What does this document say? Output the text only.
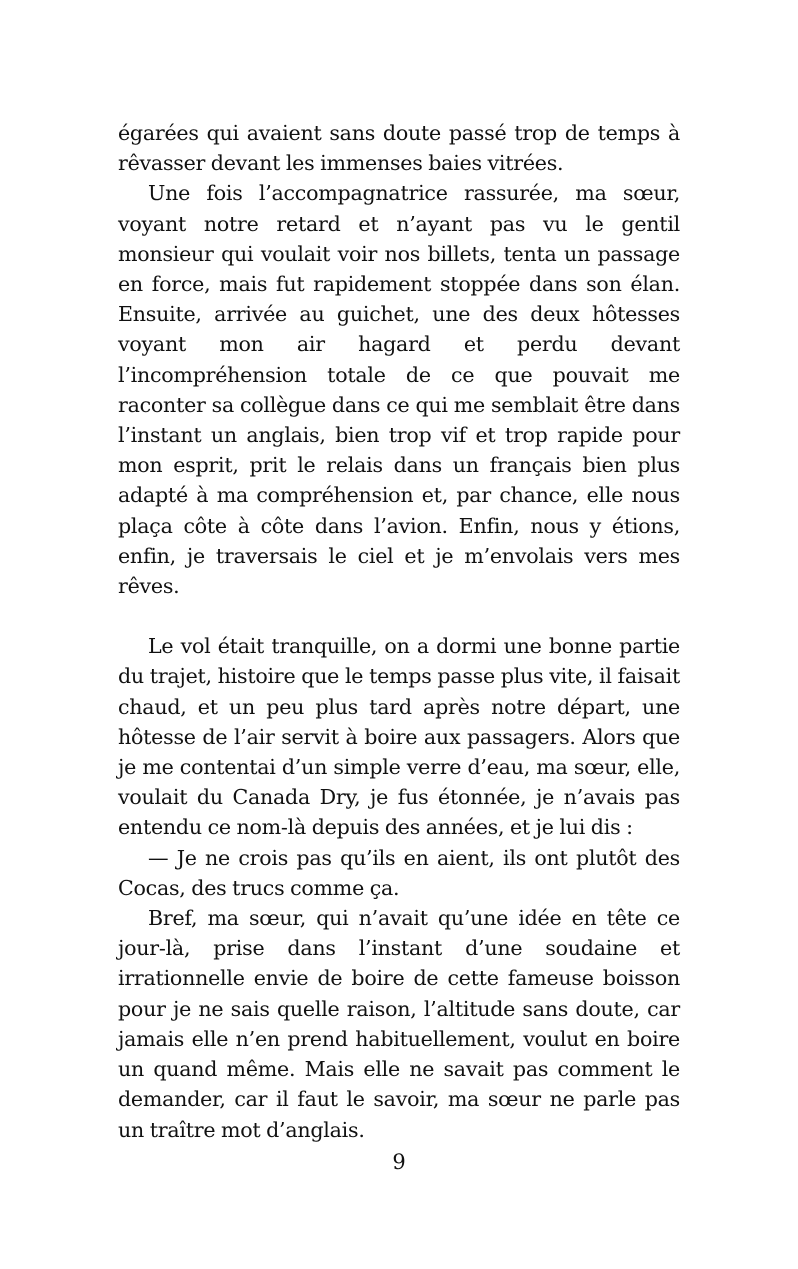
égarées qui avaient sans doute passé trop de temps à rêvasser devant les immenses baies vitrées.

Une fois l’accompagnatrice rassurée, ma sœur, voyant notre retard et n’ayant pas vu le gentil monsieur qui voulait voir nos billets, tenta un passage en force, mais fut rapidement stoppée dans son élan. Ensuite, arrivée au guichet, une des deux hôtesses voyant mon air hagard et perdu devant l’incompréhension totale de ce que pouvait me raconter sa collègue dans ce qui me semblait être dans l’instant un anglais, bien trop vif et trop rapide pour mon esprit, prit le relais dans un français bien plus adapté à ma compréhension et, par chance, elle nous plaça côte à côte dans l’avion. Enfin, nous y étions, enfin, je traversais le ciel et je m’envolais vers mes rêves.

Le vol était tranquille, on a dormi une bonne partie du trajet, histoire que le temps passe plus vite, il faisait chaud, et un peu plus tard après notre départ, une hôtesse de l’air servit à boire aux passagers. Alors que je me contentai d’un simple verre d’eau, ma sœur, elle, voulait du Canada Dry, je fus étonnée, je n’avais pas entendu ce nom-là depuis des années, et je lui dis :

— Je ne crois pas qu’ils en aient, ils ont plutôt des Cocas, des trucs comme ça.

Bref, ma sœur, qui n’avait qu’une idée en tête ce jour-là, prise dans l’instant d’une soudaine et irrationnelle envie de boire de cette fameuse boisson pour je ne sais quelle raison, l’altitude sans doute, car jamais elle n’en prend habituellement, voulut en boire un quand même. Mais elle ne savait pas comment le demander, car il faut le savoir, ma sœur ne parle pas un traître mot d’anglais.

9
